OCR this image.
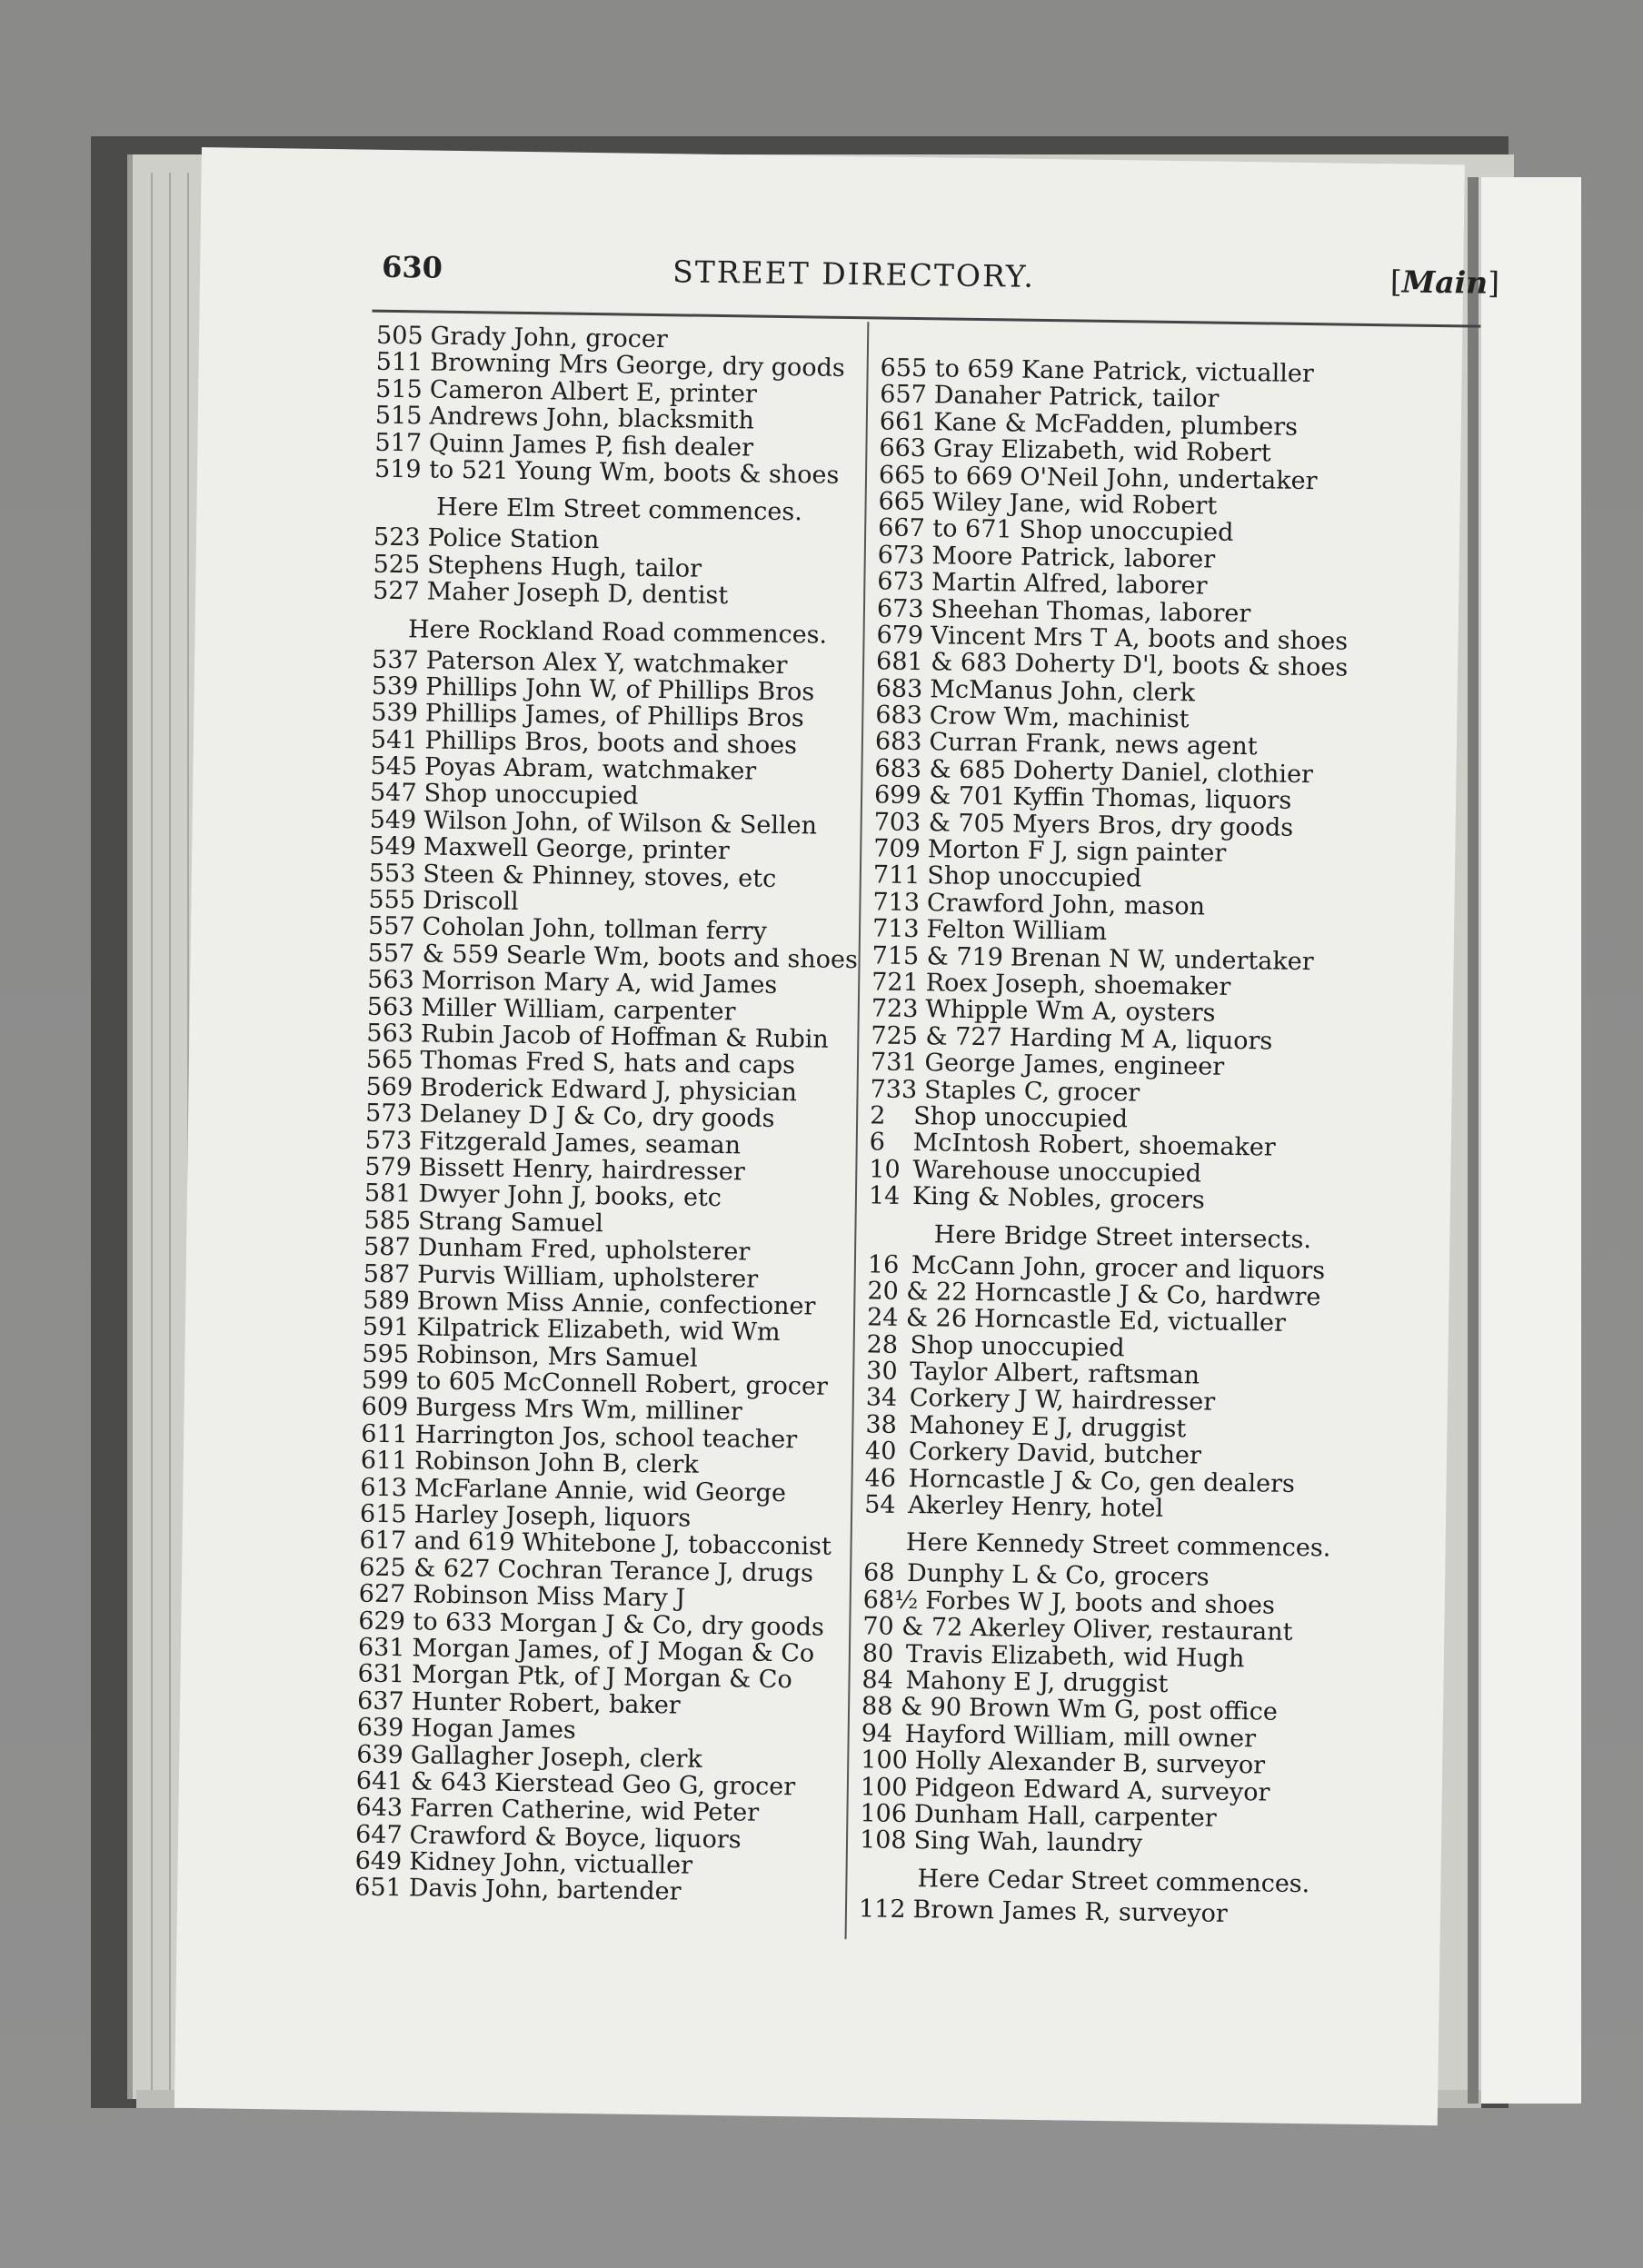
630	STREET DIRECTORY.	[Main]
505 Grady John, grocer
511 Browning Mrs George, dry goods
515 Cameron Albert E, printer
515 Andrews John, blacksmith
517 Quinn James P, fish dealer
519 to 521 Young Wm, boots & shoes
Here Elm Street commences.
523 Police Station
525 Stephens Hugh, tailor
527 Maher Joseph D, dentist
Here Rockland Road commences.
537 Paterson Alex Y, watchmaker
539 Phillips John W, of Phillips Bros
539 Phillips James, of Phillips Bros
541 Phillips Bros, boots and shoes
545 Poyas Abram, watchmaker
547 Shop unoccupied
549 Wilson John, of Wilson & Sellen
549 Maxwell George, printer
553 Steen & Phinney, stoves, etc
555 Driscoll
557 Coholan John, tollman ferry
557 & 559 Searle Wm, boots and shoes
563 Morrison Mary A, wid James
563 Miller William, carpenter
563 Rubin Jacob of Hoffman & Rubin
565 Thomas Fred S, hats and caps
569 Broderick Edward J, physician
573 Delaney D J & Co, dry goods
573 Fitzgerald James, seaman
579 Bissett Henry, hairdresser
581 Dwyer John J, books, etc
585 Strang Samuel
587 Dunham Fred, upholsterer
587 Purvis William, upholsterer
589 Brown Miss Annie, confectioner
591 Kilpatrick Elizabeth, wid Wm
595 Robinson, Mrs Samuel
599 to 605 McConnell Robert, grocer
609 Burgess Mrs Wm, milliner
611 Harrington Jos, school teacher
611 Robinson John B, clerk
613 McFarlane Annie, wid George
615 Harley Joseph, liquors
617 and 619 Whitebone J, tobacconist
625 & 627 Cochran Terance J, drugs
627 Robinson Miss Mary J
629 to 633 Morgan J & Co, dry goods
631 Morgan James, of J Mogan & Co
631 Morgan Ptk, of J Morgan & Co
637 Hunter Robert, baker
639 Hogan James
639 Gallagher Joseph, clerk
641 & 643 Kierstead Geo G, grocer
643 Farren Catherine, wid Peter
647 Crawford & Boyce, liquors
649 Kidney John, victualler
651 Davis John, bartender
655 to 659 Kane Patrick, victualler
657 Danaher Patrick, tailor
661 Kane & McFadden, plumbers
663 Gray Elizabeth, wid Robert
665 to 669 O'Neil John, undertaker
665 Wiley Jane, wid Robert
667 to 671 Shop unoccupied
673 Moore Patrick, laborer
673 Martin Alfred, laborer
673 Sheehan Thomas, laborer
679 Vincent Mrs T A, boots and shoes
681 & 683 Doherty D'l, boots & shoes
683 McManus John, clerk
683 Crow Wm, machinist
683 Curran Frank, news agent
683 & 685 Doherty Daniel, clothier
699 & 701 Kyffin Thomas, liquors
703 & 705 Myers Bros, dry goods
709 Morton F J, sign painter
711 Shop unoccupied
713 Crawford John, mason
713 Felton William
715 & 719 Brenan N W, undertaker
721 Roex Joseph, shoemaker
723 Whipple Wm A, oysters
725 & 727 Harding M A, liquors
731 George James, engineer
733 Staples C, grocer
2 Shop unoccupied
6 McIntosh Robert, shoemaker
10 Warehouse unoccupied
14 King & Nobles, grocers
Here Bridge Street intersects.
16 McCann John, grocer and liquors
20 & 22 Horncastle J & Co, hardwre
24 & 26 Horncastle Ed, victualler
28 Shop unoccupied
30 Taylor Albert, raftsman
34 Corkery J W, hairdresser
38 Mahoney E J, druggist
40 Corkery David, butcher
46 Horncastle J & Co, gen dealers
54 Akerley Henry, hotel
Here Kennedy Street commences.
68 Dunphy L & Co, grocers
68½ Forbes W J, boots and shoes
70 & 72 Akerley Oliver, restaurant
80 Travis Elizabeth, wid Hugh
84 Mahony E J, druggist
88 & 90 Brown Wm G, post office
94 Hayford William, mill owner
100 Holly Alexander B, surveyor
100 Pidgeon Edward A, surveyor
106 Dunham Hall, carpenter
108 Sing Wah, laundry
Here Cedar Street commences.
112 Brown James R, surveyor
